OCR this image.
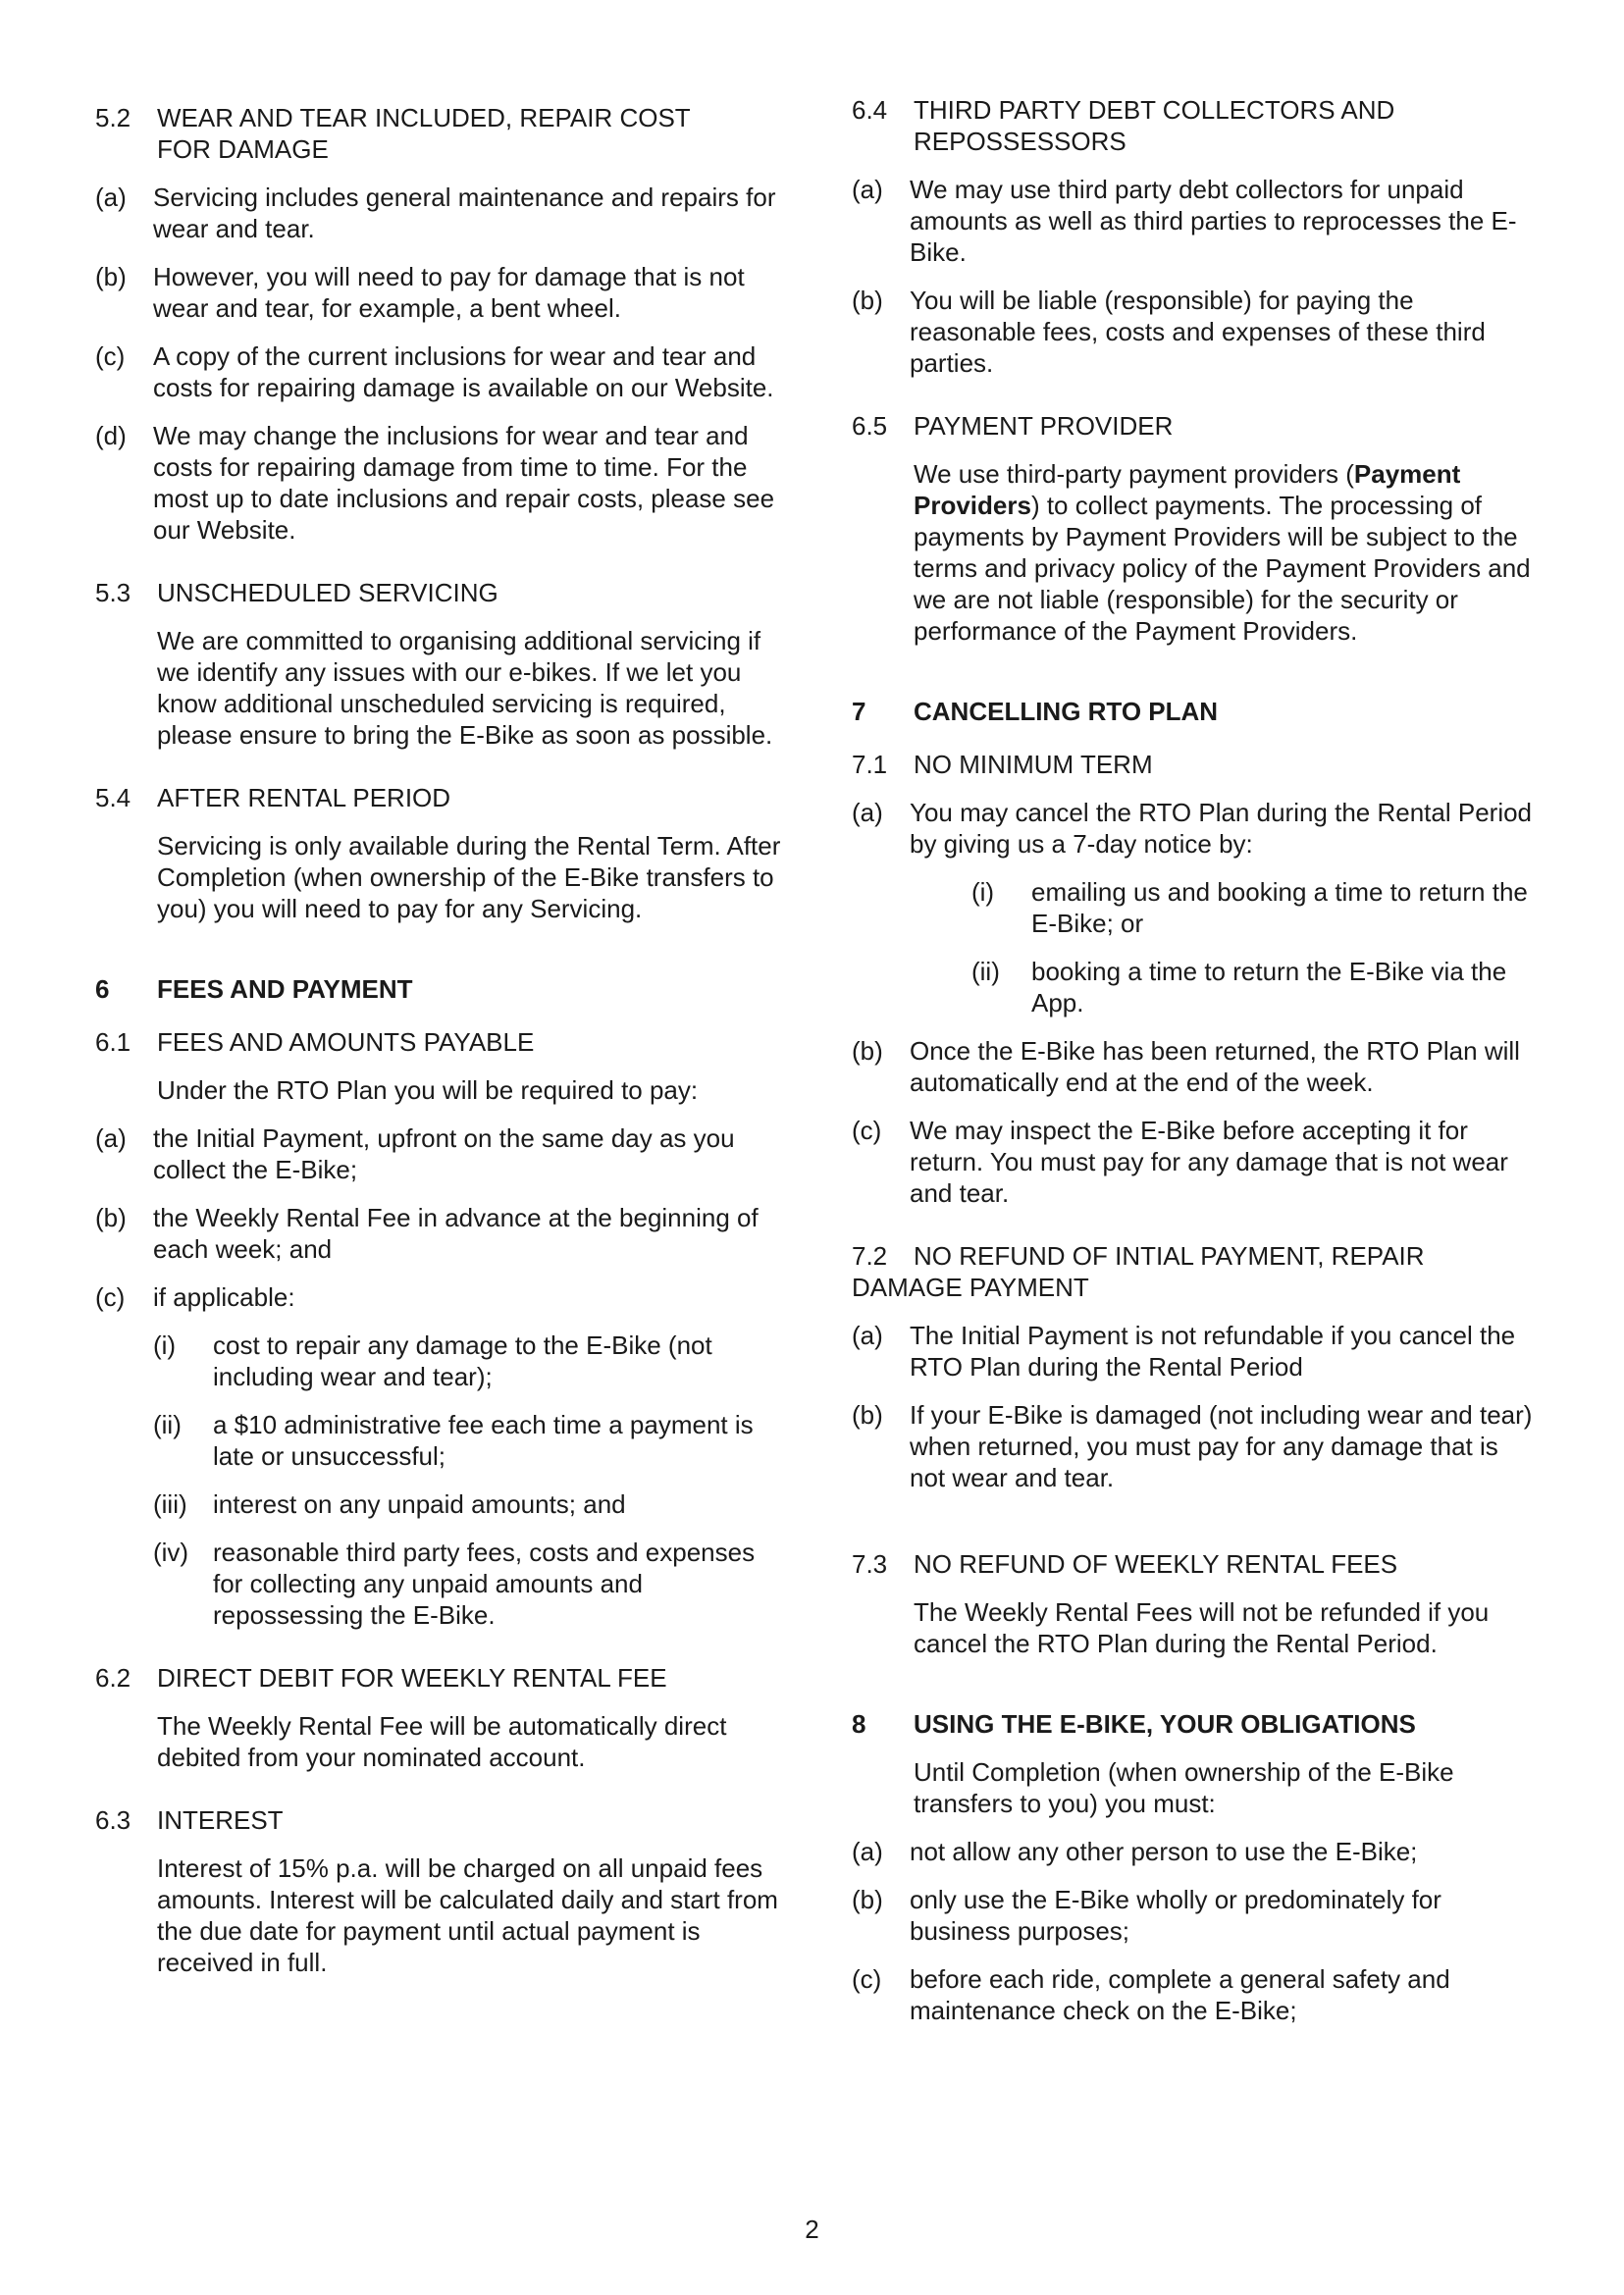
5.2 WEAR AND TEAR INCLUDED, REPAIR COST
FOR DAMAGE
(a) Servicing includes general maintenance and repairs for wear and tear.
(b) However, you will need to pay for damage that is not wear and tear, for example, a bent wheel.
(c) A copy of the current inclusions for wear and tear and costs for repairing damage is available on our Website.
(d) We may change the inclusions for wear and tear and costs for repairing damage from time to time. For the most up to date inclusions and repair costs, please see our Website.
5.3 UNSCHEDULED SERVICING
We are committed to organising additional servicing if we identify any issues with our e-bikes. If we let you know additional unscheduled servicing is required, please ensure to bring the E-Bike as soon as possible.
5.4 AFTER RENTAL PERIOD
Servicing is only available during the Rental Term. After Completion (when ownership of the E-Bike transfers to you) you will need to pay for any Servicing.
6 FEES AND PAYMENT
6.1 FEES AND AMOUNTS PAYABLE
Under the RTO Plan you will be required to pay:
(a) the Initial Payment, upfront on the same day as you collect the E-Bike;
(b) the Weekly Rental Fee in advance at the beginning of each week; and
(c) if applicable:
(i) cost to repair any damage to the E-Bike (not including wear and tear);
(ii) a $10 administrative fee each time a payment is late or unsuccessful;
(iii) interest on any unpaid amounts; and
(iv) reasonable third party fees, costs and expenses for collecting any unpaid amounts and repossessing the E-Bike.
6.2 DIRECT DEBIT FOR WEEKLY RENTAL FEE
The Weekly Rental Fee will be automatically direct debited from your nominated account.
6.3 INTEREST
Interest of 15% p.a. will be charged on all unpaid fees amounts. Interest will be calculated daily and start from the due date for payment until actual payment is received in full.
6.4 THIRD PARTY DEBT COLLECTORS AND
REPOSSESSORS
(a) We may use third party debt collectors for unpaid amounts as well as third parties to reprocesses the E-Bike.
(b) You will be liable (responsible) for paying the reasonable fees, costs and expenses of these third parties.
6.5 PAYMENT PROVIDER
We use third-party payment providers (Payment Providers) to collect payments. The processing of payments by Payment Providers will be subject to the terms and privacy policy of the Payment Providers and we are not liable (responsible) for the security or performance of the Payment Providers.
7 CANCELLING RTO PLAN
7.1 NO MINIMUM TERM
(a) You may cancel the RTO Plan during the Rental Period by giving us a 7-day notice by:
(i) emailing us and booking a time to return the E-Bike; or
(ii) booking a time to return the E-Bike via the App.
(b) Once the E-Bike has been returned, the RTO Plan will automatically end at the end of the week.
(c) We may inspect the E-Bike before accepting it for return. You must pay for any damage that is not wear and tear.
7.2 NO REFUND OF INTIAL PAYMENT, REPAIR
DAMAGE PAYMENT
(a) The Initial Payment is not refundable if you cancel the RTO Plan during the Rental Period
(b) If your E-Bike is damaged (not including wear and tear) when returned, you must pay for any damage that is not wear and tear.
7.3 NO REFUND OF WEEKLY RENTAL FEES
The Weekly Rental Fees will not be refunded if you cancel the RTO Plan during the Rental Period.
8 USING THE E-BIKE, YOUR OBLIGATIONS
Until Completion (when ownership of the E-Bike transfers to you) you must:
(a) not allow any other person to use the E-Bike;
(b) only use the E-Bike wholly or predominately for business purposes;
(c) before each ride, complete a general safety and maintenance check on the E-Bike;
2
